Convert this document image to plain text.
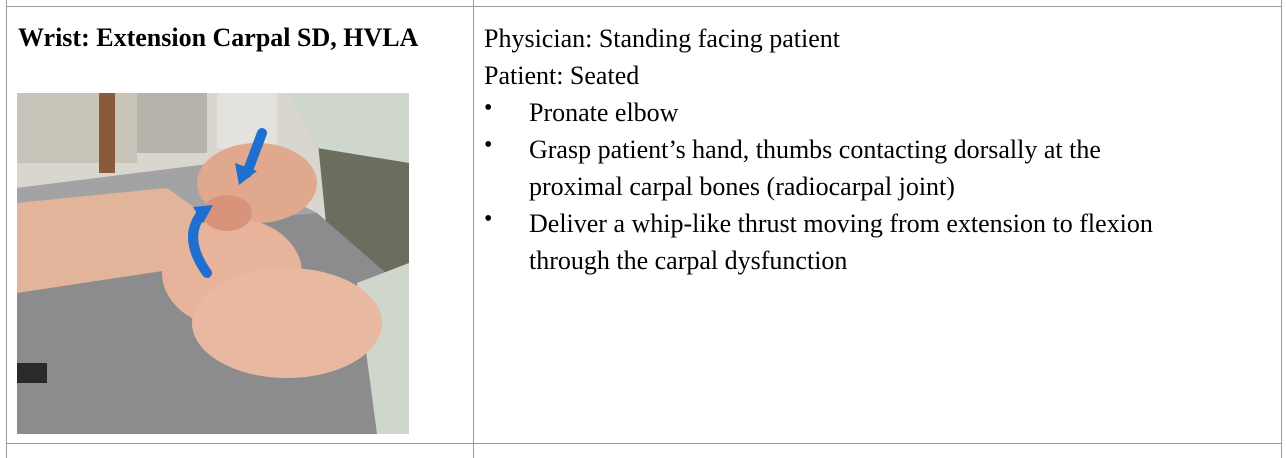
Wrist: Extension Carpal SD, HVLA	Physician: Standing facing patient
Patient: Seated
• Pronate elbow
• Grasp patient’s hand, thumbs contacting dorsally at the
proximal carpal bones (radiocarpal joint)
• Deliver a whip-like thrust moving from extension to flexion
through the carpal dysfunction
